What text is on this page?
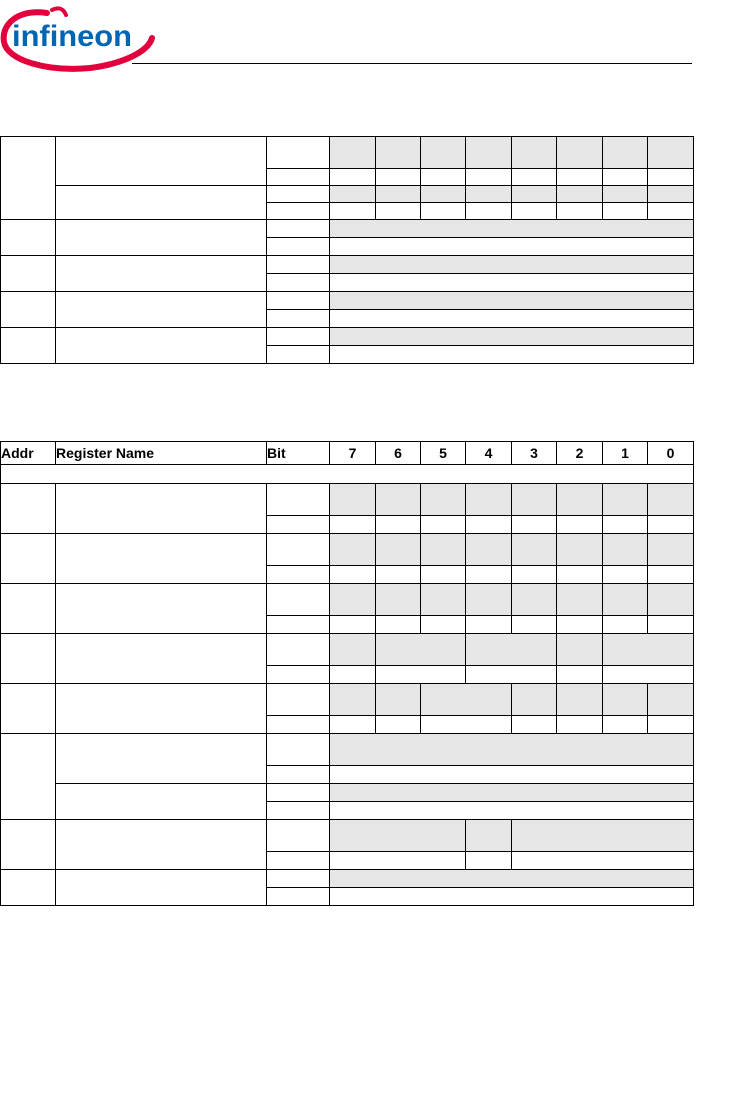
infineon

Addr	Register Name	Bit	7	6	5	4	3	2	1	0
